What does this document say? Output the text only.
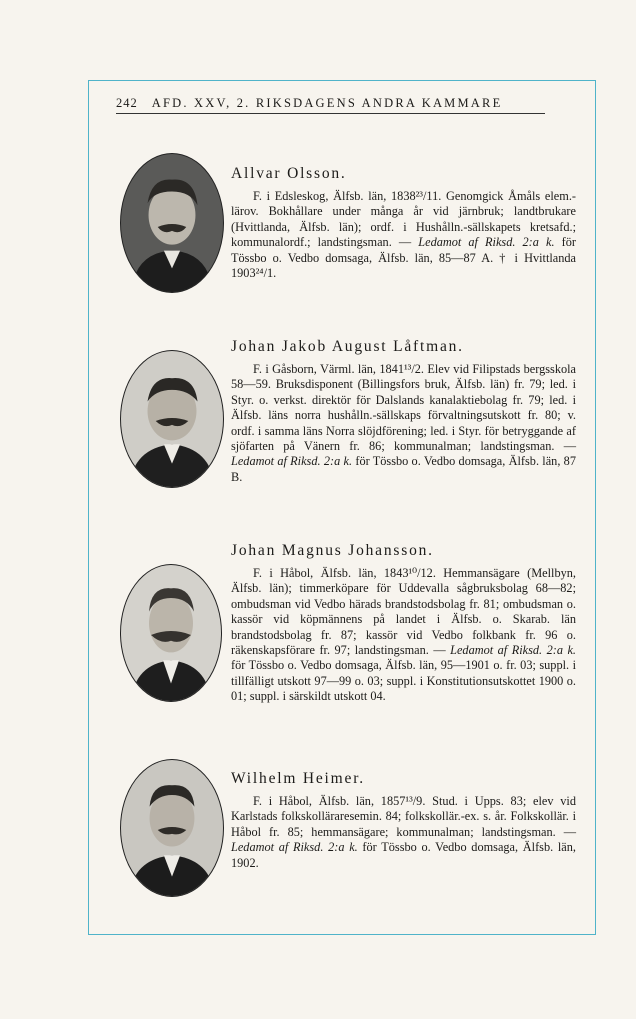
242 AFD. XXV, 2. RIKSDAGENS ANDRA KAMMARE

Allvar Olsson.

F. i Edsleskog, Älfsb. län, 1838²³/11. Genomgick Åmåls elem.-lärov. Bokhållare under många år vid järnbruk; landtbrukare (Hvittlanda, Älfsb. län); ordf. i Hushålln.-sällskapets kretsafd.; kommunalordf.; landstingsman. — Ledamot af Riksd. 2:a k. för Tössbo o. Vedbo domsaga, Älfsb. län, 85—87 A. † i Hvittlanda 1903²⁴/1.

Johan Jakob August Låftman.

F. i Gåsborn, Värml. län, 1841¹³/2. Elev vid Filipstads bergsskola 58—59. Bruksdisponent (Billingsfors bruk, Älfsb. län) fr. 79; led. i Styr. o. verkst. direktör för Dalslands kanalaktiebolag fr. 79; led. i Älfsb. läns norra hushålln.-sällskaps förvaltningsutskott fr. 80; v. ordf. i samma läns Norra slöjdförening; led. i Styr. för betryggande af sjöfarten på Vänern fr. 86; kommunalman; landstingsman. — Ledamot af Riksd. 2:a k. för Tössbo o. Vedbo domsaga, Älfsb. län, 87 B.

Johan Magnus Johansson.

F. i Håbol, Älfsb. län, 1843¹⁰/12. Hemmansägare (Mellbyn, Älfsb. län); timmerköpare för Uddevalla sågbruksbolag 68—82; ombudsman vid Vedbo härads brandstodsbolag fr. 81; ombudsman o. kassör vid köpmännens på landet i Älfsb. o. Skarab. län brandstodsbolag fr. 87; kassör vid Vedbo folkbank fr. 96 o. räkenskapsförare fr. 97; landstingsman. — Ledamot af Riksd. 2:a k. för Tössbo o. Vedbo domsaga, Älfsb. län, 95—1901 o. fr. 03; suppl. i tillfälligt utskott 97—99 o. 03; suppl. i Konstitutionsutskottet 1900 o. 01; suppl. i särskildt utskott 04.

Wilhelm Heimer.

F. i Håbol, Älfsb. län, 1857¹³/9. Stud. i Upps. 83; elev vid Karlstads folkskolläraresemin. 84; folkskollär.-ex. s. år. Folkskollär. i Håbol fr. 85; hemmansägare; kommunalman; landstingsman. — Ledamot af Riksd. 2:a k. för Tössbo o. Vedbo domsaga, Älfsb. län, 1902.
